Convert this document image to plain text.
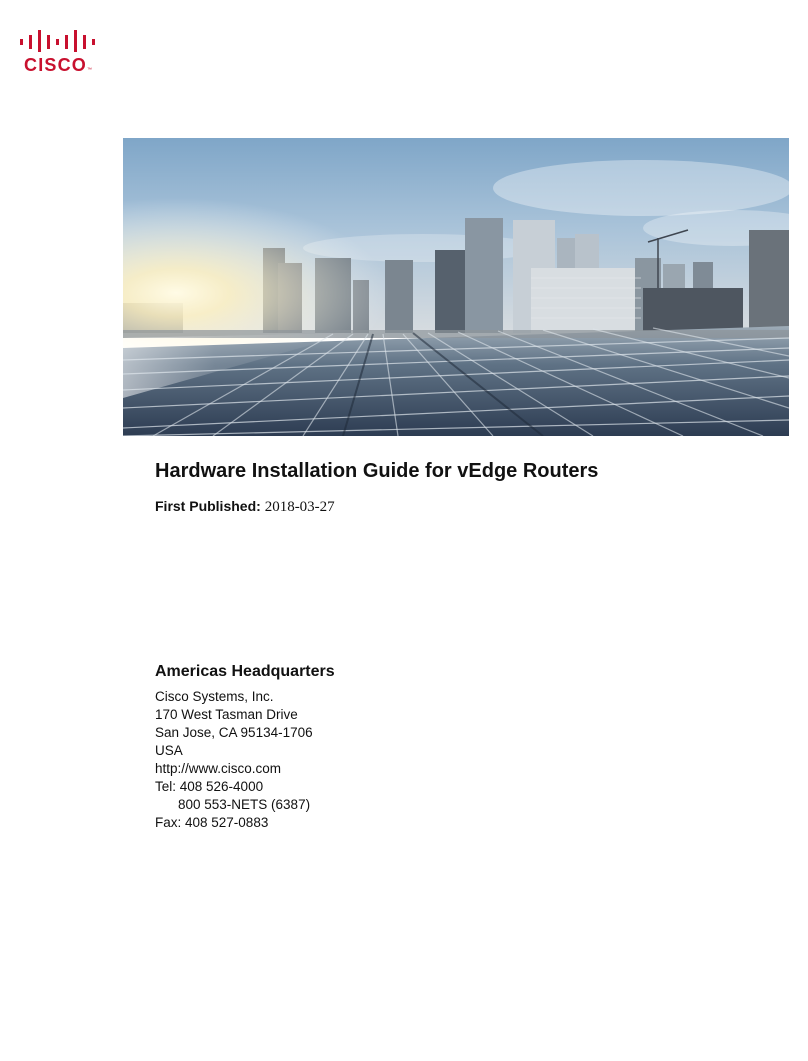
CISCO™
Hardware Installation Guide for vEdge Routers
First Published: 2018-03-27
Americas Headquarters
Cisco Systems, Inc.
170 West Tasman Drive
San Jose, CA 95134-1706
USA
http://www.cisco.com
Tel: 408 526-4000
800 553-NETS (6387)
Fax: 408 527-0883
